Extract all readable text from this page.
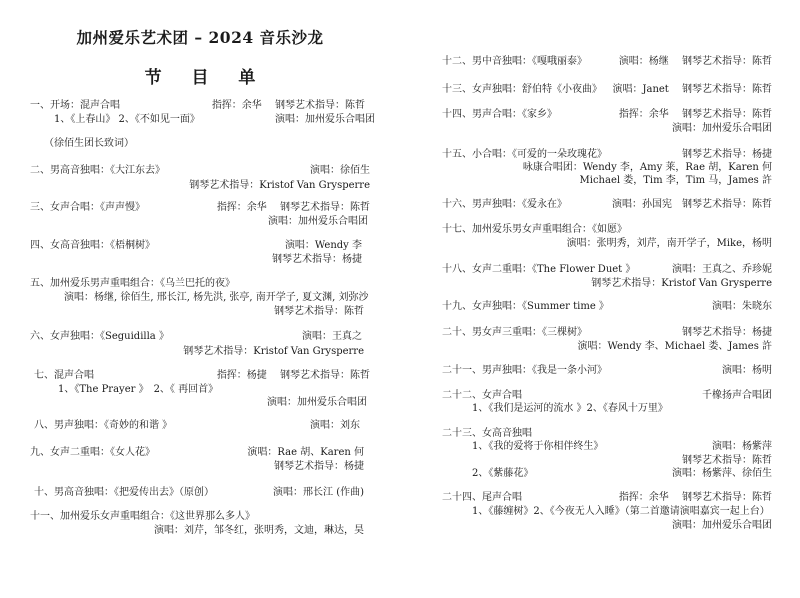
加州爱乐艺术团 – 2024 音乐沙龙
节 目 单
一、开场：混声合唱	指挥：余华　 钢琴艺术指导：陈哲
1、《上春山》 2、《不如见一面》	演唱：加州爱乐合唱团
（徐佰生团长致词）
二、男高音独唱：《大江东去》	演唱：徐佰生
钢琴艺术指导：Kristof Van Grysperre
三、女声合唱：《声声慢》	指挥：余华　 钢琴艺术指导：陈哲
演唱：加州爱乐合唱团
四、女高音独唱：《梧桐树》	演唱：Wendy 李
钢琴艺术指导：杨捷
五、加州爱乐男声重唱组合：《乌兰巴托的夜》
演唱：杨继, 徐佰生, 邢长江, 杨先洪, 张亭, 南开学子, 夏文渊, 刘弥沙
钢琴艺术指导：陈哲
六、女声独唱：《Seguidilla 》	演唱：王真之
钢琴艺术指导：Kristof Van Grysperre
七、混声合唱	指挥：杨捷　 钢琴艺术指导：陈哲
1、《The Prayer 》　2、《 再回首》
演唱：加州爱乐合唱团
八、男声独唱：《奇妙的和谐 》	演唱：刘东
九、女声二重唱：《女人花》	演唱：Rae 胡、Karen 何
钢琴艺术指导：杨捷
十、男高音独唱：《把爱传出去》（原创）	演唱：邢长江 (作曲)
十一、加州爱乐女声重唱组合：《这世界那么多人》
演唱：刘芹，邹冬红，张明秀，文迪，琳达，昊
十二、男中音独唱：《嘎哦丽泰》	演唱：杨继　 钢琴艺术指导：陈哲
十三、女声独唱：舒伯特《小夜曲》 演唱：Janet　 钢琴艺术指导：陈哲
十四、男声合唱：《家乡》	指挥：余华　 钢琴艺术指导：陈哲
演唱：加州爱乐合唱团
十五、小合唱：《可爱的一朵玫瑰花》	钢琴艺术指导：杨捷
咏康合唱团：Wendy 李，Amy 莱，Rae 胡，Karen 何
Michael 娄，Tim 李，Tim 马，James 許
十六、男声独唱：《爱永在》	演唱：孙国宪　钢琴艺术指导：陈哲
十七、加州爱乐男女声重唱组合：《如愿》
演唱：张明秀，刘芹，南开学子，Mike，杨明
十八、女声二重唱：《The Flower Duet 》	演唱：王真之、乔珍妮
钢琴艺术指导：Kristof Van Grysperre
十九、女声独唱：《Summer time 》	演唱：朱晓东
二十、男女声三重唱：《三棵树》	钢琴艺术指导：杨捷
演唱：Wendy 李、Michael 娄、James 許
二十一、男声独唱：《我是一条小河》	演唱：杨明
二十二、女声合唱	千橡扬声合唱团
1、《我们是运河的流水 》2、《春风十万里》
二十三、女高音独唱
1、《我的爱将于你相伴终生》	演唱：杨紫萍
钢琴艺术指导：陈哲
2、《紫藤花》	演唱：杨紫萍、徐佰生
二十四、尾声合唱	指挥：余华　 钢琴艺术指导：陈哲
1、《藤缠树》2、《今夜无人入睡》（第二首邀请演唱嘉宾一起上台）
演唱：加州爱乐合唱团
